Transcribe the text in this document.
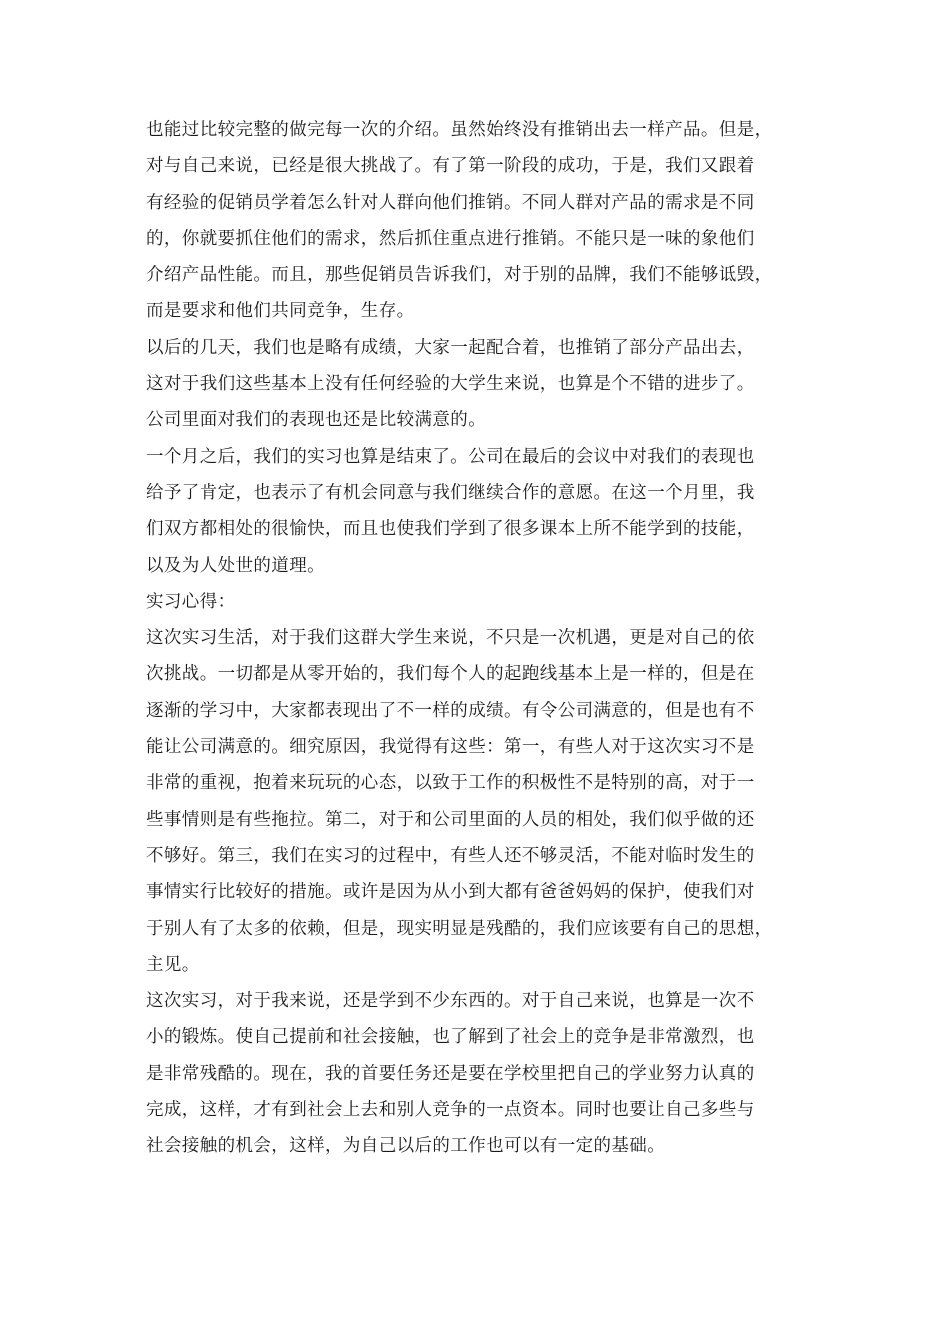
也能过比较完整的做完每一次的介绍。虽然始终没有推销出去一样产品。但是，
对与自己来说，已经是很大挑战了。有了第一阶段的成功，于是，我们又跟着
有经验的促销员学着怎么针对人群向他们推销。不同人群对产品的需求是不同
的，你就要抓住他们的需求，然后抓住重点进行推销。不能只是一味的象他们
介绍产品性能。而且，那些促销员告诉我们，对于别的品牌，我们不能够诋毁，
而是要求和他们共同竞争，生存。
以后的几天，我们也是略有成绩，大家一起配合着，也推销了部分产品出去，
这对于我们这些基本上没有任何经验的大学生来说，也算是个不错的进步了。
公司里面对我们的表现也还是比较满意的。
一个月之后，我们的实习也算是结束了。公司在最后的会议中对我们的表现也
给予了肯定，也表示了有机会同意与我们继续合作的意愿。在这一个月里，我
们双方都相处的很愉快，而且也使我们学到了很多课本上所不能学到的技能，
以及为人处世的道理。
实习心得：
这次实习生活，对于我们这群大学生来说，不只是一次机遇，更是对自己的依
次挑战。一切都是从零开始的，我们每个人的起跑线基本上是一样的，但是在
逐渐的学习中，大家都表现出了不一样的成绩。有令公司满意的，但是也有不
能让公司满意的。细究原因，我觉得有这些：第一，有些人对于这次实习不是
非常的重视，抱着来玩玩的心态，以致于工作的积极性不是特别的高，对于一
些事情则是有些拖拉。第二，对于和公司里面的人员的相处，我们似乎做的还
不够好。第三，我们在实习的过程中，有些人还不够灵活，不能对临时发生的
事情实行比较好的措施。或许是因为从小到大都有爸爸妈妈的保护，使我们对
于别人有了太多的依赖，但是，现实明显是残酷的，我们应该要有自己的思想，
主见。
这次实习，对于我来说，还是学到不少东西的。对于自己来说，也算是一次不
小的锻炼。使自己提前和社会接触，也了解到了社会上的竞争是非常激烈，也
是非常残酷的。现在，我的首要任务还是要在学校里把自己的学业努力认真的
完成，这样，才有到社会上去和别人竞争的一点资本。同时也要让自己多些与
社会接触的机会，这样，为自己以后的工作也可以有一定的基础。
